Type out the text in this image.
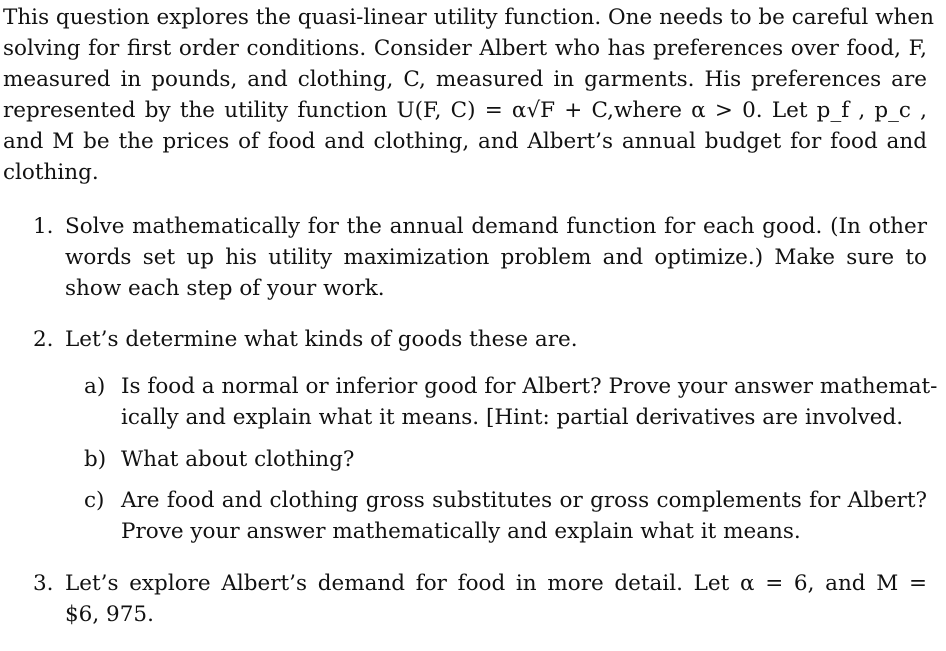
This question explores the quasi-linear utility function. One needs to be careful when
solving for first order conditions. Consider Albert who has preferences over food, F,
measured in pounds, and clothing, C, measured in garments. His preferences are
represented by the utility function U(F, C) = α√F + C,where α > 0. Let p_f , p_c ,
and M be the prices of food and clothing, and Albert’s annual budget for food and
clothing.
1. Solve mathematically for the annual demand function for each good. (In other
words set up his utility maximization problem and optimize.) Make sure to
show each step of your work.
2. Let’s determine what kinds of goods these are.
a) Is food a normal or inferior good for Albert? Prove your answer mathemat-
ically and explain what it means. [Hint: partial derivatives are involved.
b) What about clothing?
c) Are food and clothing gross substitutes or gross complements for Albert?
Prove your answer mathematically and explain what it means.
3. Let’s explore Albert’s demand for food in more detail. Let α = 6, and M =
$6, 975.
